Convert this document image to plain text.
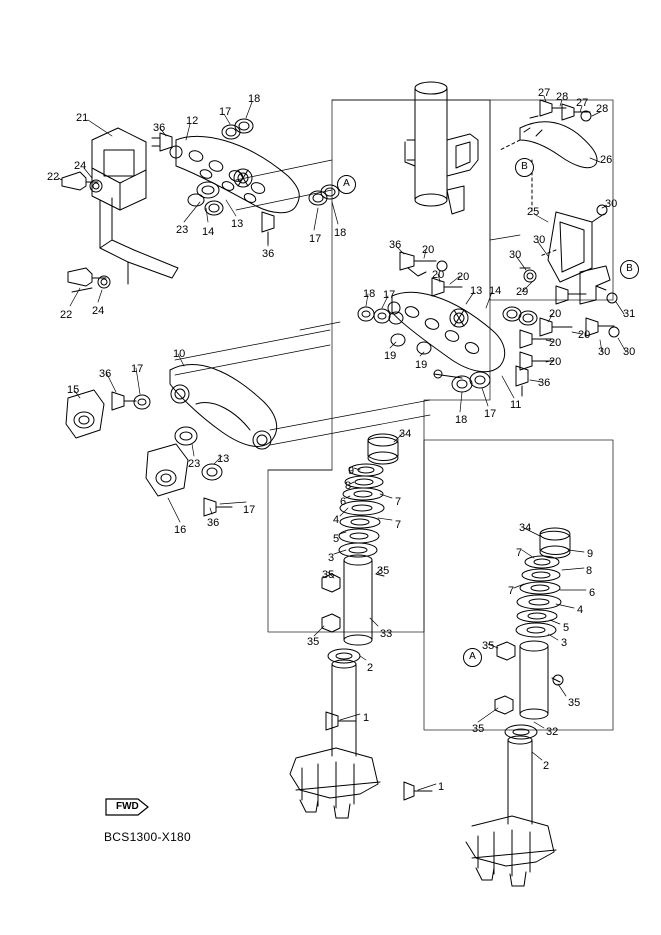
FWD
BCS1300-X180
21
36
12
17
18
22
24
23 14
13
36
17 18
22 24
27 28 27 28
26
25
30
30
30
29
31
30 30
36 20
20 20
18 17	13 14
20
20
20
20
19
19
36
18 17
11
10
36 17
15
23 13
17
36
16
34
9
8
7
6
4	7
5
3
35	35
33
35
2
1
34
9
7
8
7	6
4
5
35	3
35
35	32
2
1
A
B
B
A
